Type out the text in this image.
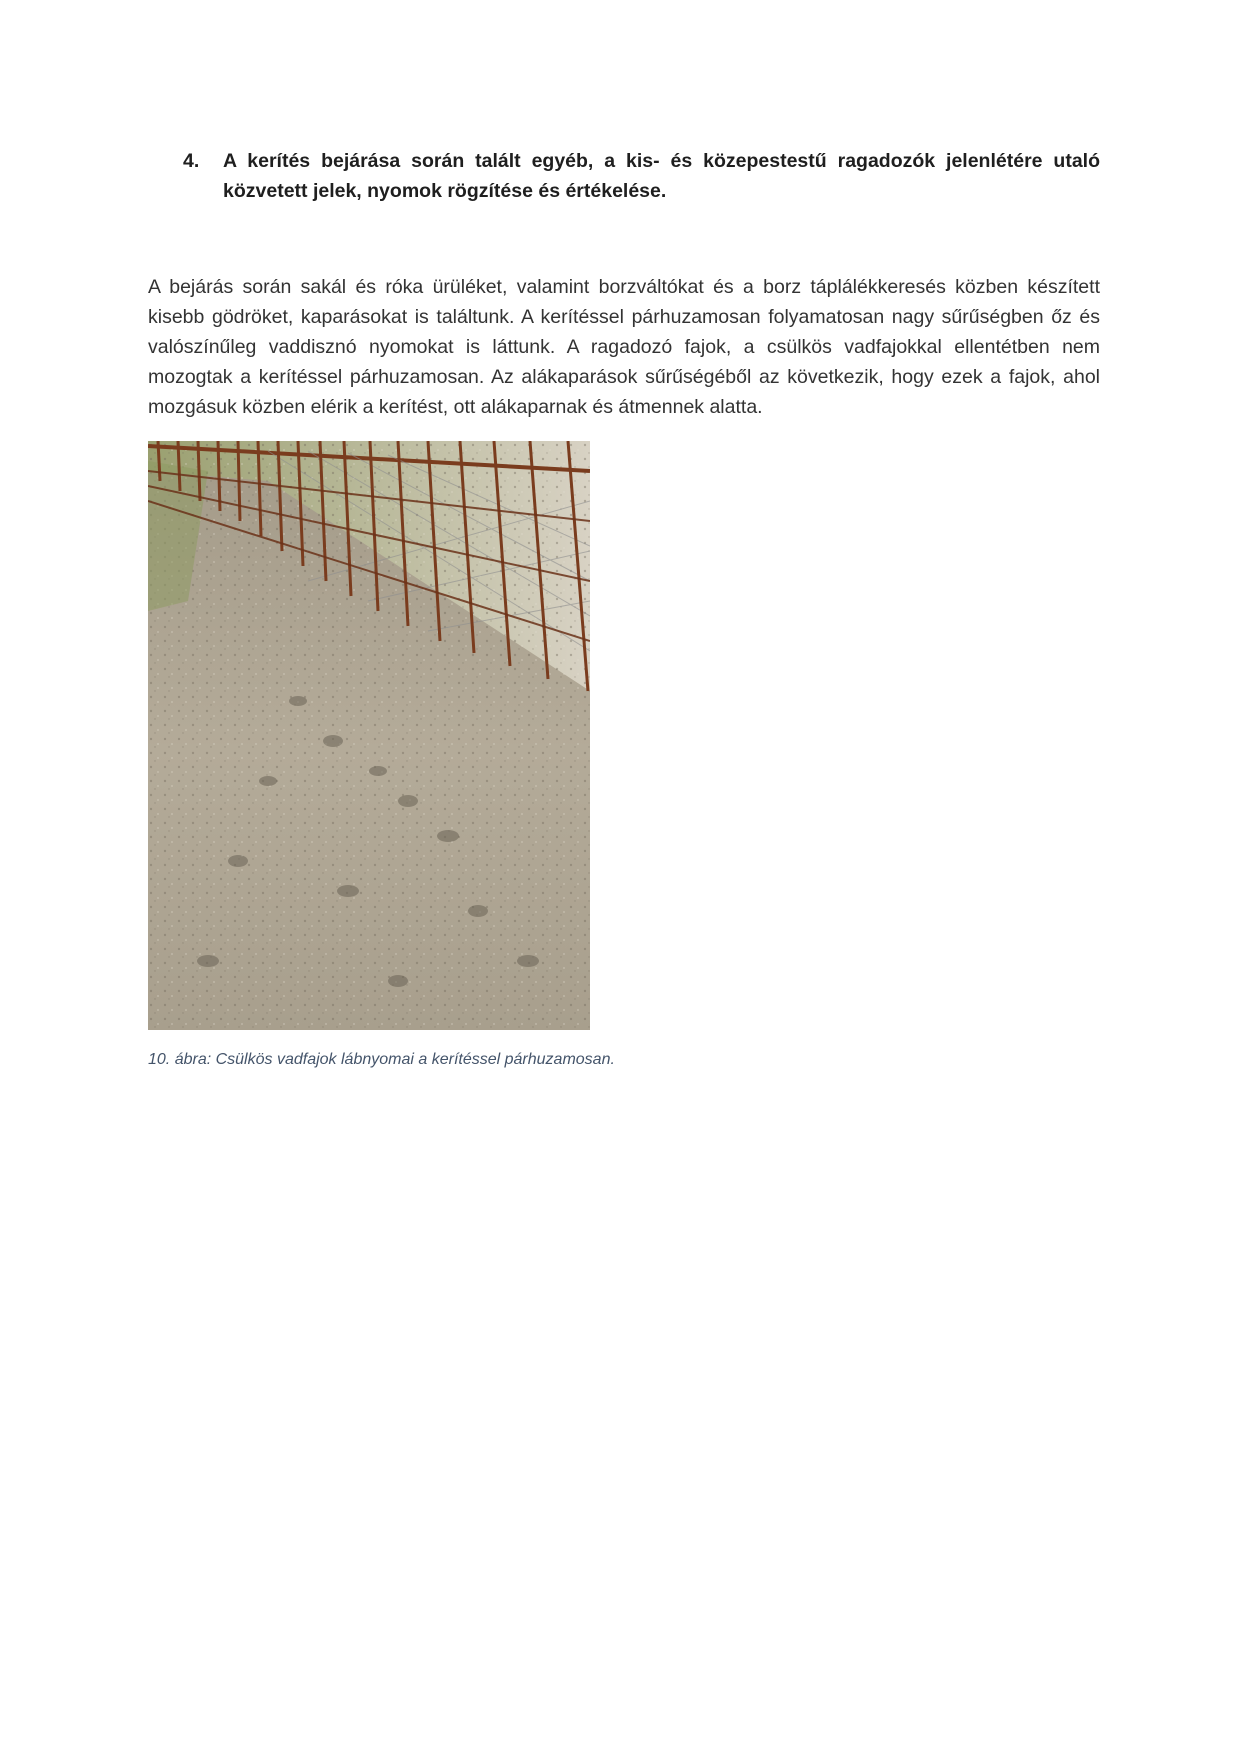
4. A kerítés bejárása során talált egyéb, a kis- és közepestestű ragadozók jelenlétére utaló közvetett jelek, nyomok rögzítése és értékelése.
A bejárás során sakál és róka ürüléket, valamint borzváltókat és a borz táplálékkeresés közben készített kisebb gödröket, kaparásokat is találtunk. A kerítéssel párhuzamosan folyamatosan nagy sűrűségben őz és valószínűleg vaddisznó nyomokat is láttunk. A ragadozó fajok, a csülkös vadfajokkal ellentétben nem mozogtak a kerítéssel párhuzamosan. Az alákaparások sűrűségéből az következik, hogy ezek a fajok, ahol mozgásuk közben elérik a kerítést, ott alákaparnak és átmennek alatta.
10. ábra: Csülkös vadfajok lábnyomai a kerítéssel párhuzamosan.
